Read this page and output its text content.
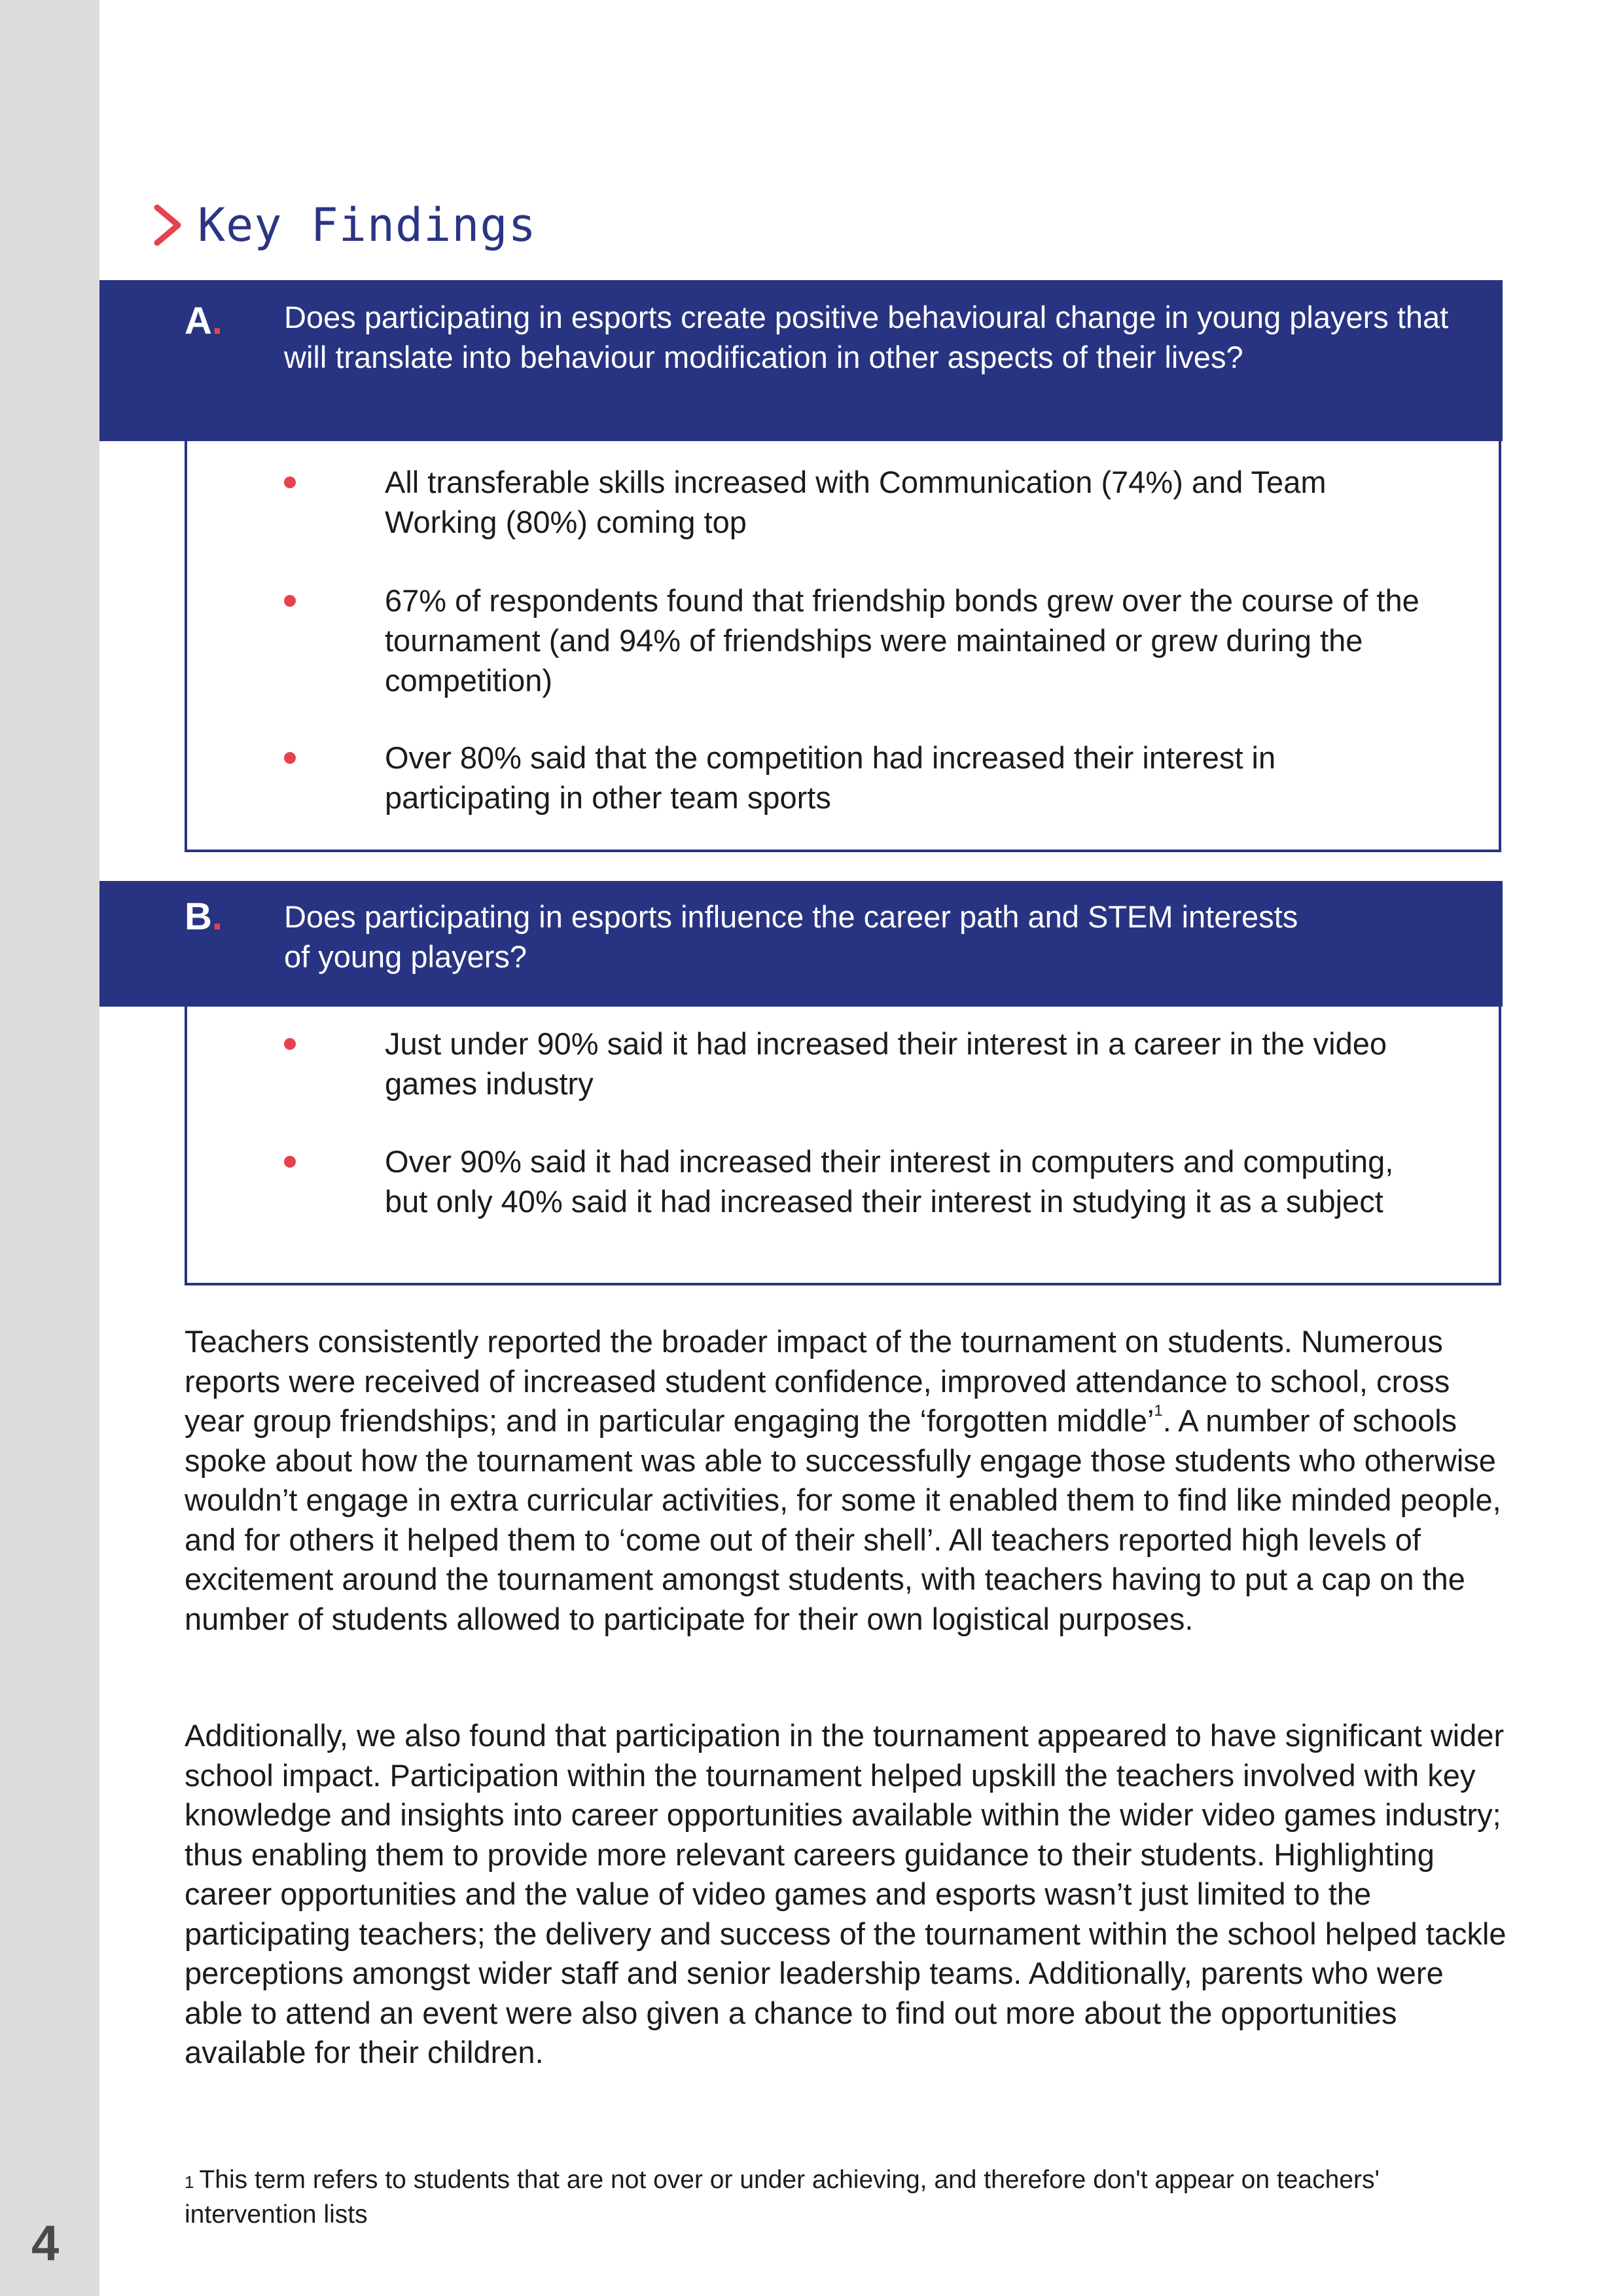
4
Key Findings
A. Does participating in esports create positive behavioural change in young players that will translate into behaviour modification in other aspects of their lives?
All transferable skills increased with Communication (74%) and Team Working (80%) coming top
67% of respondents found that friendship bonds grew over the course of the tournament (and 94% of friendships were maintained or grew during the competition)
Over 80% said that the competition had increased their interest in participating in other team sports
B. Does participating in esports influence the career path and STEM interests of young players?
Just under 90% said it had increased their interest in a career in the video games industry
Over 90% said it had increased their interest in computers and computing, but only 40% said it had increased their interest in studying it as a subject

Teachers consistently reported the broader impact of the tournament on students. Numerous reports were received of increased student confidence, improved attendance to school, cross year group friendships; and in particular engaging the ‘forgotten middle’$^1$. A number of schools spoke about how the tournament was able to successfully engage those students who otherwise wouldn’t engage in extra curricular activities, for some it enabled them to find like minded people, and for others it helped them to ‘come out of their shell’. All teachers reported high levels of excitement around the tournament amongst students, with teachers having to put a cap on the number of students allowed to participate for their own logistical purposes.

Additionally, we also found that participation in the tournament appeared to have significant wider school impact. Participation within the tournament helped upskill the teachers involved with key knowledge and insights into career opportunities available within the wider video games industry; thus enabling them to provide more relevant careers guidance to their students. Highlighting career opportunities and the value of video games and esports wasn’t just limited to the participating teachers; the delivery and success of the tournament within the school helped tackle perceptions amongst wider staff and senior leadership teams. Additionally, parents who were able to attend an event were also given a chance to find out more about the opportunities available for their children.

1 This term refers to students that are not over or under achieving, and therefore don't appear on teachers' intervention lists
